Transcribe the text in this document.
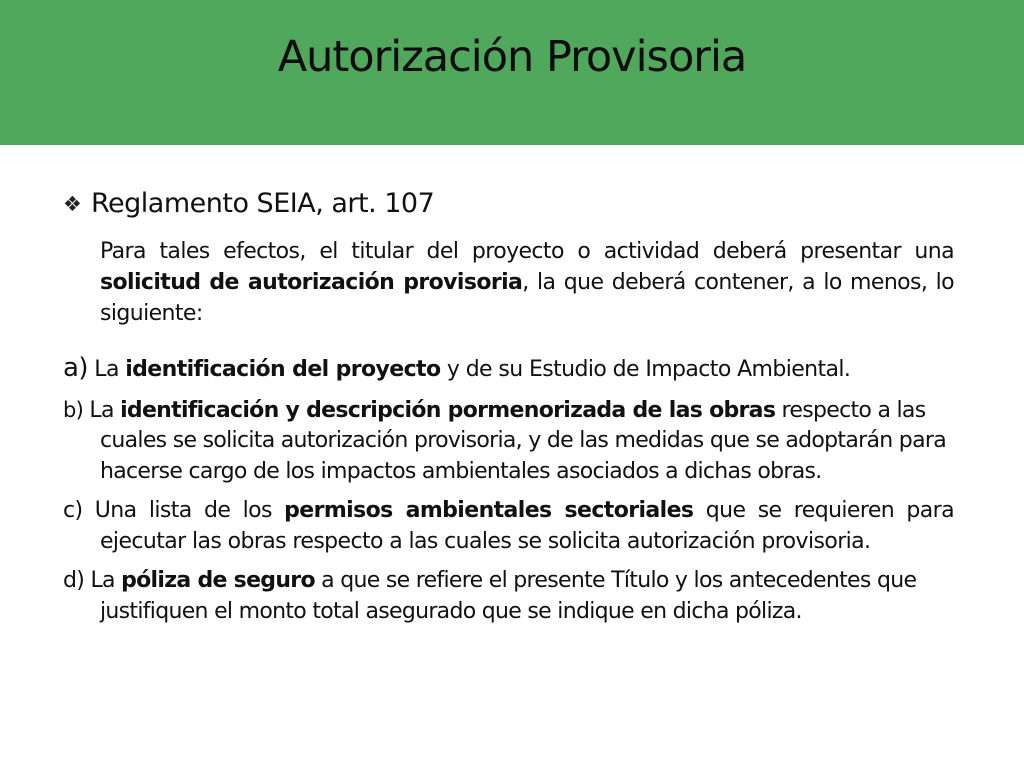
Autorización Provisoria

❖ Reglamento SEIA, art. 107

Para tales efectos, el titular del proyecto o actividad deberá presentar una solicitud de autorización provisoria, la que deberá contener, a lo menos, lo siguiente:

a) La identificación del proyecto y de su Estudio de Impacto Ambiental.

b) La identificación y descripción pormenorizada de las obras respecto a las cuales se solicita autorización provisoria, y de las medidas que se adoptarán para hacerse cargo de los impactos ambientales asociados a dichas obras.

c) Una lista de los permisos ambientales sectoriales que se requieren para ejecutar las obras respecto a las cuales se solicita autorización provisoria.

d) La póliza de seguro a que se refiere el presente Título y los antecedentes que justifiquen el monto total asegurado que se indique en dicha póliza.
